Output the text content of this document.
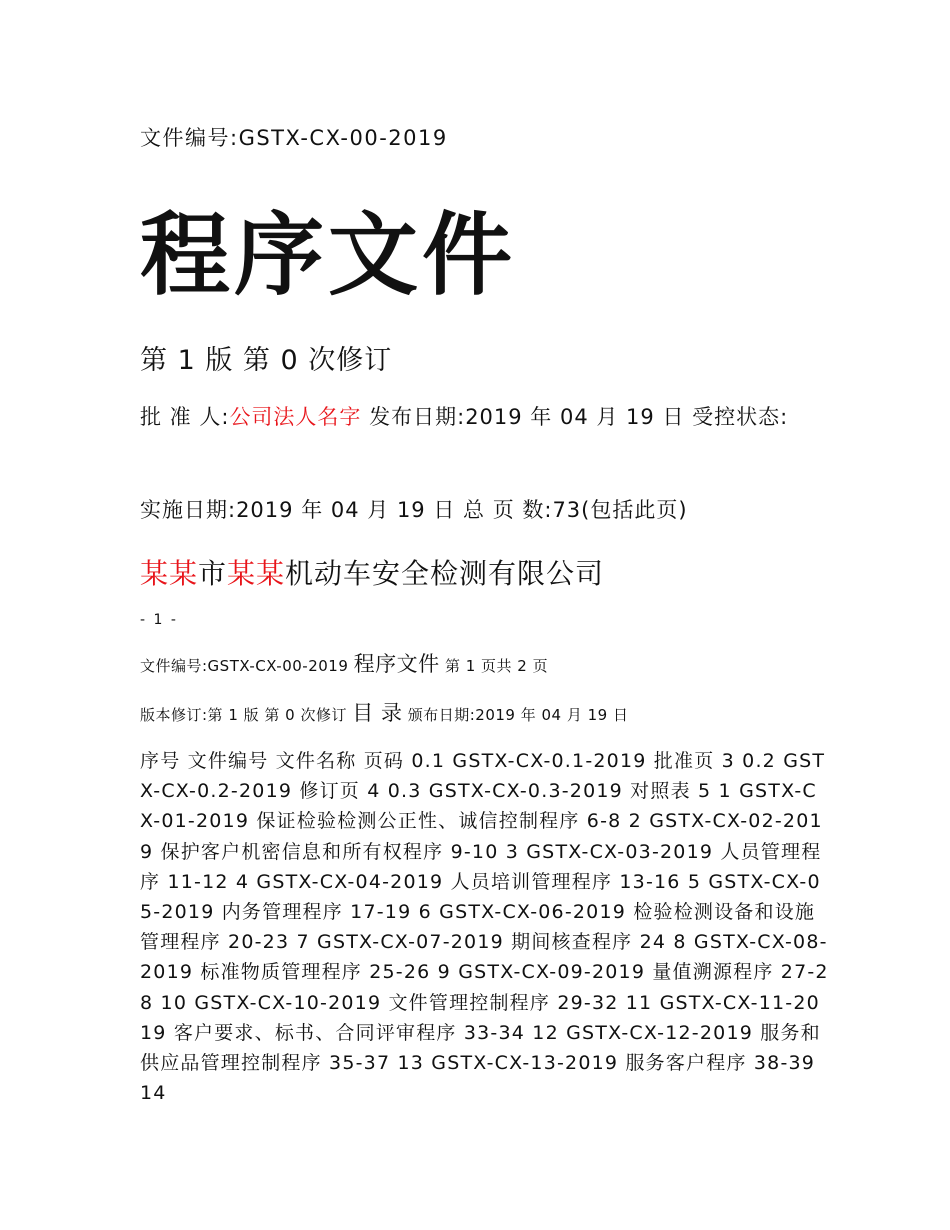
文件编号:GSTX-CX-00-2019
程序文件
第 1 版 第 0 次修订
批 准 人:公司法人名字 发布日期:2019 年 04 月 19 日 受控状态:
实施日期:2019 年 04 月 19 日 总 页 数:73(包括此页)
某某市某某机动车安全检测有限公司
- 1 -
文件编号:GSTX-CX-00-2019 程序文件 第 1 页共 2 页
版本修订:第 1 版 第 0 次修订 目 录 颁布日期:2019 年 04 月 19 日
序号 文件编号 文件名称 页码 0.1 GSTX-CX-0.1-2019 批准页 3 0.2 GSTX-CX-0.2-2019 修订页 4 0.3 GSTX-CX-0.3-2019 对照表 5 1 GSTX-CX-01-2019 保证检验检测公正性、诚信控制程序 6-8 2 GSTX-CX-02-2019 保护客户机密信息和所有权程序 9-10 3 GSTX-CX-03-2019 人员管理程序 11-12 4 GSTX-CX-04-2019 人员培训管理程序 13-16 5 GSTX-CX-05-2019 内务管理程序 17-19 6 GSTX-CX-06-2019 检验检测设备和设施管理程序 20-23 7 GSTX-CX-07-2019 期间核查程序 24 8 GSTX-CX-08-2019 标准物质管理程序 25-26 9 GSTX-CX-09-2019 量值溯源程序 27-28 10 GSTX-CX-10-2019 文件管理控制程序 29-32 11 GSTX-CX-11-2019 客户要求、标书、合同评审程序 33-34 12 GSTX-CX-12-2019 服务和供应品管理控制程序 35-37 13 GSTX-CX-13-2019 服务客户程序 38-39 14
